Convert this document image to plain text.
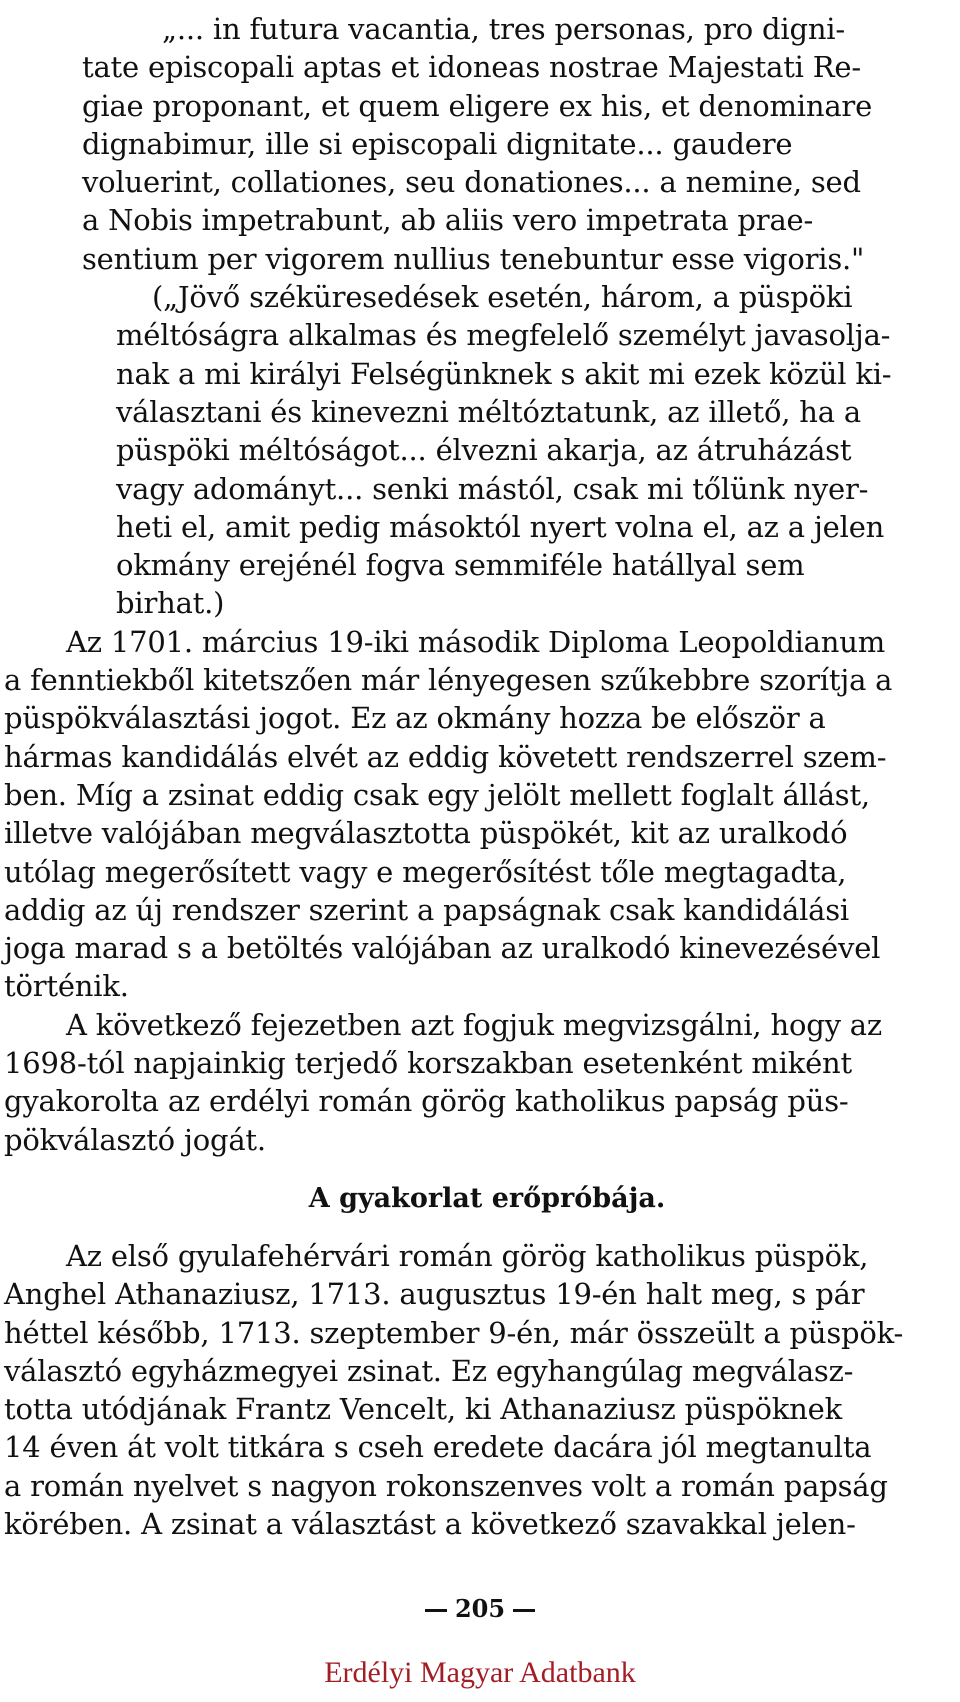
„... in futura vacantia, tres personas, pro digni-
tate episcopali aptas et idoneas nostrae Majestati Re-
giae proponant, et quem eligere ex his, et denominare
dignabimur, ille si episcopali dignitate... gaudere
voluerint, collationes, seu donationes... a nemine, sed
a Nobis impetrabunt, ab aliis vero impetrata prae-
sentium per vigorem nullius tenebuntur esse vigoris."
(„Jövő széküresedések esetén, három, a püspöki
méltóságra alkalmas és megfelelő személyt javasolja-
nak a mi királyi Felségünknek s akit mi ezek közül ki-
választani és kinevezni méltóztatunk, az illető, ha a
püspöki méltóságot... élvezni akarja, az átruházást
vagy adományt... senki mástól, csak mi tőlünk nyer-
heti el, amit pedig másoktól nyert volna el, az a jelen
okmány erejénél fogva semmiféle hatállyal sem
birhat.)
Az 1701. március 19-iki második Diploma Leopoldianum
a fenntiekből kitetszően már lényegesen szűkebbre szorítja a
püspökválasztási jogot. Ez az okmány hozza be először a
hármas kandidálás elvét az eddig követett rendszerrel szem-
ben. Míg a zsinat eddig csak egy jelölt mellett foglalt állást,
illetve valójában megválasztotta püspökét, kit az uralkodó
utólag megerősített vagy e megerősítést tőle megtagadta,
addig az új rendszer szerint a papságnak csak kandidálási
joga marad s a betöltés valójában az uralkodó kinevezésével
történik.
A következő fejezetben azt fogjuk megvizsgálni, hogy az
1698-tól napjainkig terjedő korszakban esetenként miként
gyakorolta az erdélyi román görög katholikus papság püs-
pökválasztó jogát.
A gyakorlat erőpróbája.
Az első gyulafehérvári román görög katholikus püspök,
Anghel Athanaziusz, 1713. augusztus 19-én halt meg, s pár
héttel később, 1713. szeptember 9-én, már összeült a püspök-
választó egyházmegyei zsinat. Ez egyhangúlag megválasz-
totta utódjának Frantz Vencelt, ki Athanaziusz püspöknek
14 éven át volt titkára s cseh eredete dacára jól megtanulta
a román nyelvet s nagyon rokonszenves volt a román papság
körében. A zsinat a választást a következő szavakkal jelen-
205
Erdélyi Magyar Adatbank
